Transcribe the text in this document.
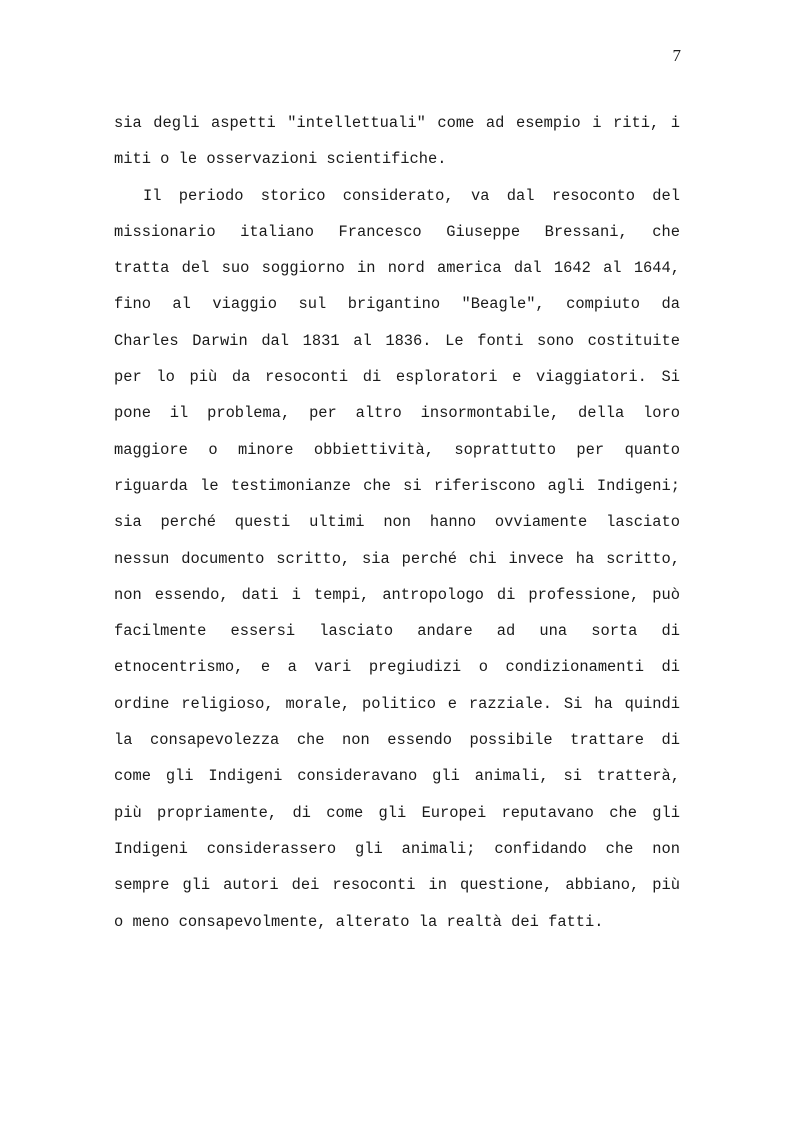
7
sia degli aspetti "intellettuali" come ad esempio i riti, i
miti o le osservazioni scientifiche.
Il periodo storico considerato, va dal resoconto del
missionario italiano Francesco Giuseppe Bressani, che
tratta del suo soggiorno in nord america dal 1642 al 1644,
fino al viaggio sul brigantino "Beagle", compiuto da
Charles Darwin dal 1831 al 1836. Le fonti sono costituite
per lo più da resoconti di esploratori e viaggiatori. Si
pone il problema, per altro insormontabile, della loro
maggiore o minore obbiettività, soprattutto per quanto
riguarda le testimonianze che si riferiscono agli Indigeni;
sia perché questi ultimi non hanno ovviamente lasciato
nessun documento scritto, sia perché chi invece ha scritto,
non essendo, dati i tempi, antropologo di professione, può
facilmente essersi lasciato andare ad una sorta di
etnocentrismo, e a vari pregiudizi o condizionamenti di
ordine religioso, morale, politico e razziale. Si ha quindi
la consapevolezza che non essendo possibile trattare di
come gli Indigeni consideravano gli animali, si tratterà,
più propriamente, di come gli Europei reputavano che gli
Indigeni considerassero gli animali; confidando che non
sempre gli autori dei resoconti in questione, abbiano, più
o meno consapevolmente, alterato la realtà dei fatti.
